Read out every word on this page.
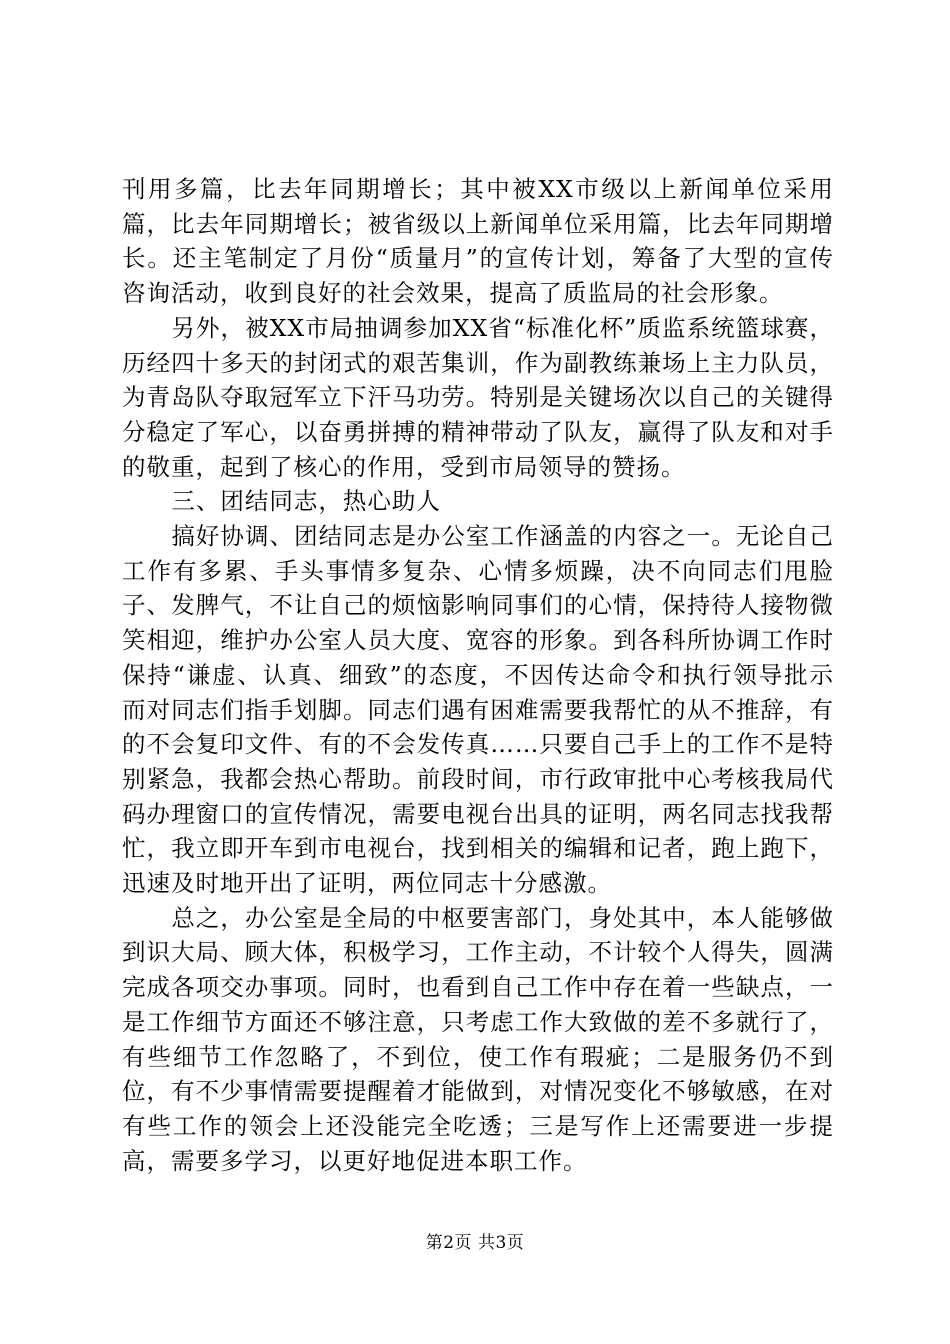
刊用多篇，比去年同期增长；其中被XX市级以上新闻单位采用篇，比去年同期增长；被省级以上新闻单位采用篇，比去年同期增长。还主笔制定了月份“质量月”的宣传计划，筹备了大型的宣传咨询活动，收到良好的社会效果，提高了质监局的社会形象。

另外，被XX市局抽调参加XX省“标准化杯”质监系统篮球赛，历经四十多天的封闭式的艰苦集训，作为副教练兼场上主力队员，为青岛队夺取冠军立下汗马功劳。特别是关键场次以自己的关键得分稳定了军心，以奋勇拼搏的精神带动了队友，赢得了队友和对手的敬重，起到了核心的作用，受到市局领导的赞扬。

三、团结同志，热心助人

搞好协调、团结同志是办公室工作涵盖的内容之一。无论自己工作有多累、手头事情多复杂、心情多烦躁，决不向同志们甩脸子、发脾气，不让自己的烦恼影响同事们的心情，保持待人接物微笑相迎，维护办公室人员大度、宽容的形象。到各科所协调工作时保持“谦虚、认真、细致”的态度，不因传达命令和执行领导批示而对同志们指手划脚。同志们遇有困难需要我帮忙的从不推辞，有的不会复印文件、有的不会发传真……只要自己手上的工作不是特别紧急，我都会热心帮助。前段时间，市行政审批中心考核我局代码办理窗口的宣传情况，需要电视台出具的证明，两名同志找我帮忙，我立即开车到市电视台，找到相关的编辑和记者，跑上跑下，迅速及时地开出了证明，两位同志十分感激。

总之，办公室是全局的中枢要害部门，身处其中，本人能够做到识大局、顾大体，积极学习，工作主动，不计较个人得失，圆满完成各项交办事项。同时，也看到自己工作中存在着一些缺点，一是工作细节方面还不够注意，只考虑工作大致做的差不多就行了，有些细节工作忽略了，不到位，使工作有瑕疵；二是服务仍不到位，有不少事情需要提醒着才能做到，对情况变化不够敏感，在对有些工作的领会上还没能完全吃透；三是写作上还需要进一步提高，需要多学习，以更好地促进本职工作。

第2页 共3页
